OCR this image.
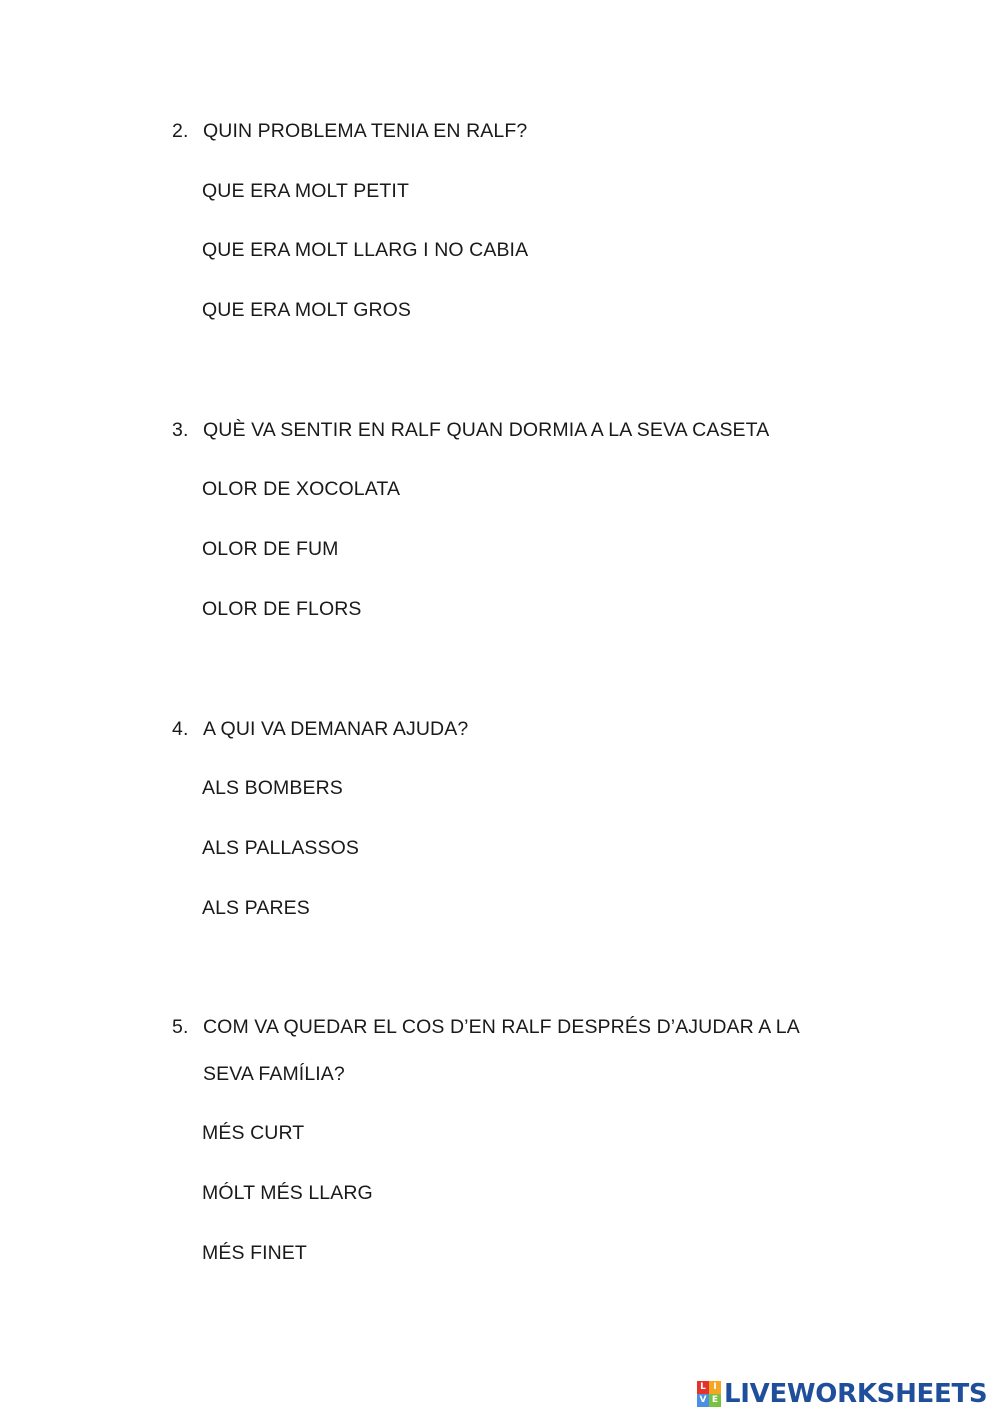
2. QUIN PROBLEMA TENIA EN RALF?
QUE ERA MOLT PETIT
QUE ERA MOLT LLARG I NO CABIA
QUE ERA MOLT GROS
3. QUÈ VA SENTIR EN RALF QUAN DORMIA A LA SEVA CASETA
OLOR DE XOCOLATA
OLOR DE FUM
OLOR DE FLORS
4. A QUI VA DEMANAR AJUDA?
ALS BOMBERS
ALS PALLASSOS
ALS PARES
5. COM VA QUEDAR EL COS D’EN RALF DESPRÉS D’AJUDAR A LA
SEVA FAMÍLIA?
MÉS CURT
MÓLT MÉS LLARG
MÉS FINET
L I
V E LIVEWORKSHEETS
